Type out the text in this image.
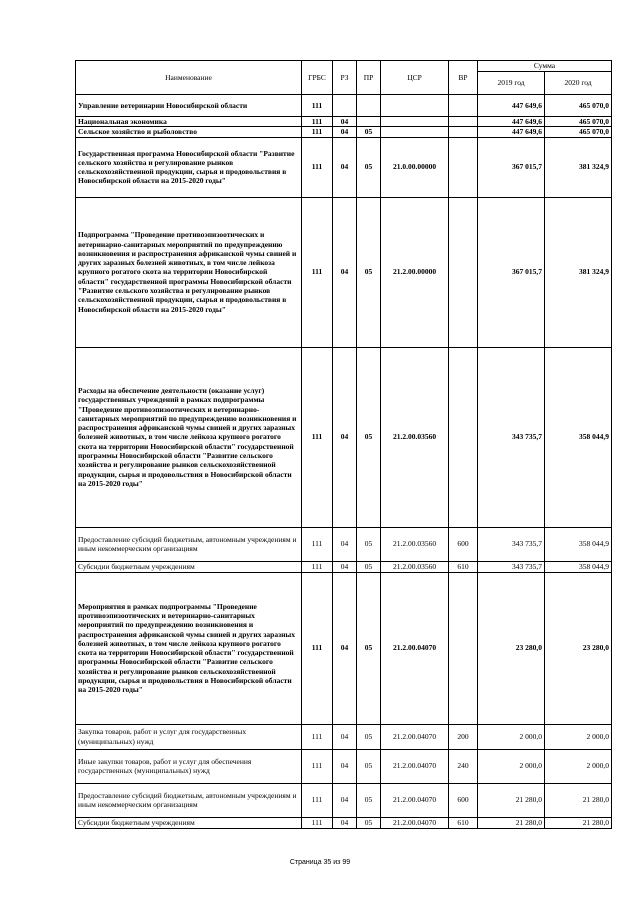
Наименование	ГРБС	РЗ	ПР	ЦСР	ВР	Сумма	
						2019 год	2020 год
Управление ветеринарии Новосибирской области	111					447 649,6	465 070,0
Национальная экономика	111	04				447 649,6	465 070,0
Сельское хозяйство и рыболовство	111	04	05			447 649,6	465 070,0
Государственная программа Новосибирской области "Развитие сельского хозяйства и регулирование рынков сельскохозяйственной продукции, сырья и продовольствия в Новосибирской области на 2015-2020 годы"	111	04	05	21.0.00.00000		367 015,7	381 324,9
Подпрограмма "Проведение противоэпизоотических и ветеринарно-санитарных мероприятий по предупреждению возникновения и распространения африканской чумы свиней и других заразных болезней животных, в том числе лейкоза крупного рогатого скота на территории Новосибирской области" государственной программы Новосибирской области "Развитие сельского хозяйства и регулирование рынков сельскохозяйственной продукции, сырья и продовольствия в Новосибирской области на 2015-2020 годы"	111	04	05	21.2.00.00000		367 015,7	381 324,9
Расходы на обеспечение деятельности (оказание услуг) государственных учреждений в рамках подпрограммы "Проведение противоэпизоотических и ветеринарно-санитарных мероприятий по предупреждению возникновения и распространения африканской чумы свиней и других заразных болезней животных, в том числе лейкоза крупного рогатого скота на территории Новосибирской области" государственной программы Новосибирской области "Развитие сельского хозяйства и регулирование рынков сельскохозяйственной продукции, сырья и продовольствия в Новосибирской области на 2015-2020 годы"	111	04	05	21.2.00.03560		343 735,7	358 044,9
Предоставление субсидий бюджетным, автономным учреждениям и иным некоммерческим организациям	111	04	05	21.2.00.03560	600	343 735,7	358 044,9
Субсидии бюджетным учреждениям	111	04	05	21.2.00.03560	610	343 735,7	358 044,9
Мероприятия в рамках подпрограммы "Проведение противоэпизоотических и ветеринарно-санитарных мероприятий по предупреждению возникновения и распространения африканской чумы свиней и других заразных болезней животных, в том числе лейкоза крупного рогатого скота на территории Новосибирской области" государственной программы Новосибирской области "Развитие сельского хозяйства и регулирование рынков сельскохозяйственной продукции, сырья и продовольствия в Новосибирской области на 2015-2020 годы"	111	04	05	21.2.00.04070		23 280,0	23 280,0
Закупка товаров, работ и услуг для государственных (муниципальных) нужд	111	04	05	21.2.00.04070	200	2 000,0	2 000,0
Иные закупки товаров, работ и услуг для обеспечения государственных (муниципальных) нужд	111	04	05	21.2.00.04070	240	2 000,0	2 000,0
Предоставление субсидий бюджетным, автономным учреждениям и иным некоммерческим организациям	111	04	05	21.2.00.04070	600	21 280,0	21 280,0
Субсидии бюджетным учреждениям	111	04	05	21.2.00.04070	610	21 280,0	21 280,0
Страница 35 из 99
